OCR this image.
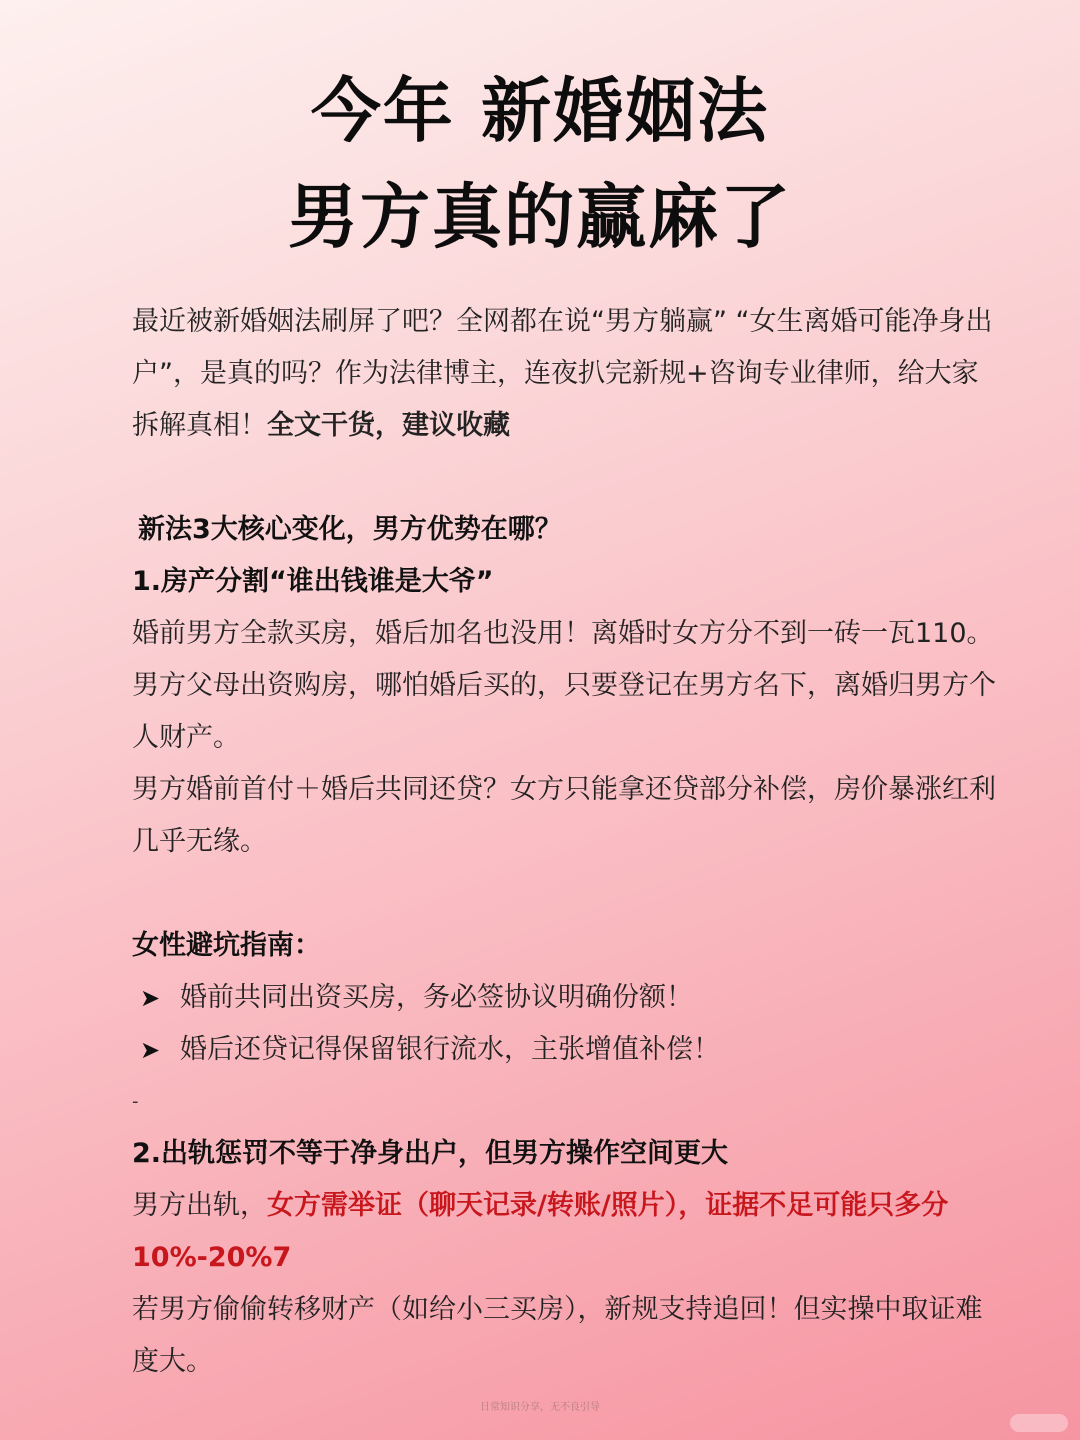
今年 新婚姻法
男方真的赢麻了

最近被新婚姻法刷屏了吧？全网都在说“男方躺赢” “女生离婚可能净身出户”，是真的吗？作为法律博主，连夜扒完新规+咨询专业律师，给大家拆解真相！全文干货，建议收藏

新法3大核心变化，男方优势在哪？

1.房产分割“谁出钱谁是大爷”

婚前男方全款买房，婚后加名也没用！离婚时女方分不到一砖一瓦110。

男方父母出资购房，哪怕婚后买的，只要登记在男方名下，离婚归男方个人财产。

男方婚前首付＋婚后共同还贷？女方只能拿还贷部分补偿，房价暴涨红利几乎无缘。

女性避坑指南：

➤ 婚前共同出资买房，务必签协议明确份额！
➤ 婚后还贷记得保留银行流水，主张增值补偿！

-

2.出轨惩罚不等于净身出户，但男方操作空间更大

男方出轨，女方需举证（聊天记录/转账/照片），证据不足可能只多分10%-20%7

若男方偷偷转移财产（如给小三买房），新规支持追回！但实操中取证难度大。

日常知识分享，无不良引导
